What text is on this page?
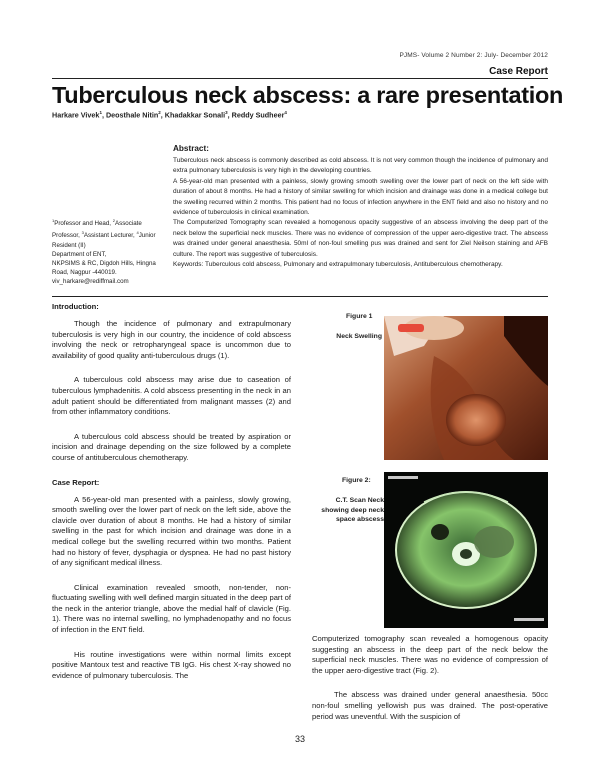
PJMS- Volume 2 Number 2: July- December 2012
Case Report
Tuberculous neck abscess: a rare presentation
Harkare Vivek$^1$, Deosthale Nitin$^2$, Khadakkar Sonali$^3$, Reddy Sudheer$^4$
Abstract:

Tuberculous neck abscess is commonly described as cold abscess. It is not very common though the incidence of pulmonary and extra pulmonary tuberculosis is very high in the developing countries.

A 56-year-old man presented with a painless, slowly growing smooth swelling over the lower part of neck on the left side with duration of about 8 months. He had a history of similar swelling for which incision and drainage was done in a medical college but the swelling recurred within 2 months. This patient had no focus of infection anywhere in the ENT field and also no history and no evidence of tuberculosis in clinical examination.

The Computerized Tomography scan revealed a homogenous opacity suggestive of an abscess involving the deep part of the neck below the superficial neck muscles. There was no evidence of compression of the upper aero-digestive tract. The abscess was drained under general anaesthesia. 50ml of non-foul smelling pus was drained and sent for Ziel Neilson staining and AFB culture. The report was suggestive of tuberculosis.

Keywords: Tuberculous cold abscess, Pulmonary and extrapulmonary tuberculosis, Antituberculous chemotherapy.

$^1$Professor and Head, $^2$Associate Professor, $^3$Assistant Lecturer, $^4$Junior Resident (II)

Department of ENT,

NKPSIMS & RC, Digdoh Hills, Hingna Road, Nagpur -440019.

viv_harkare@rediffmail.com

Introduction:
Though the incidence of pulmonary and extrapulmonary tuberculosis is very high in our country, the incidence of cold abscess involving the neck or retropharyngeal space is uncommon due to availability of good quality anti-tuberculous drugs (1).
A tuberculous cold abscess may arise due to caseation of tuberculous lymphadenitis. A cold abscess presenting in the neck in an adult patient should be differentiated from malignant masses (2) and from other inflammatory conditions.
A tuberculous cold abscess should be treated by aspiration or incision and drainage depending on the size followed by a complete course of antituberculous chemotherapy.
Case Report:
A 56-year-old man presented with a painless, slowly growing, smooth swelling over the lower part of neck on the left side, above the clavicle over duration of about 8 months. He had a history of similar swelling in the past for which incision and drainage was done in a medical college but the swelling recurred within two months. Patient had no history of fever, dysphagia or dyspnea. He had no past history of any significant medical illness.
Clinical examination revealed smooth, non-tender, non-fluctuating swelling with well defined margin situated in the deep part of the neck in the anterior triangle, above the medial half of clavicle (Fig. 1). There was no internal swelling, no lymphadenopathy and no focus of infection in the ENT field.
His routine investigations were within normal limits except positive Mantoux test and reactive TB IgG. His chest X-ray showed no evidence of pulmonary tuberculosis. The
Figure 1
Neck Swelling
Figure 2:
C.T. Scan Neck showing deep neck space abscess
Computerized tomography scan revealed a homogenous opacity suggesting an abscess in the deep part of the neck below the superficial neck muscles. There was no evidence of compression of the upper aero-digestive tract (Fig. 2).
The abscess was drained under general anaesthesia. 50cc non-foul smelling yellowish pus was drained. The post-operative period was uneventful. With the suspicion of
33
